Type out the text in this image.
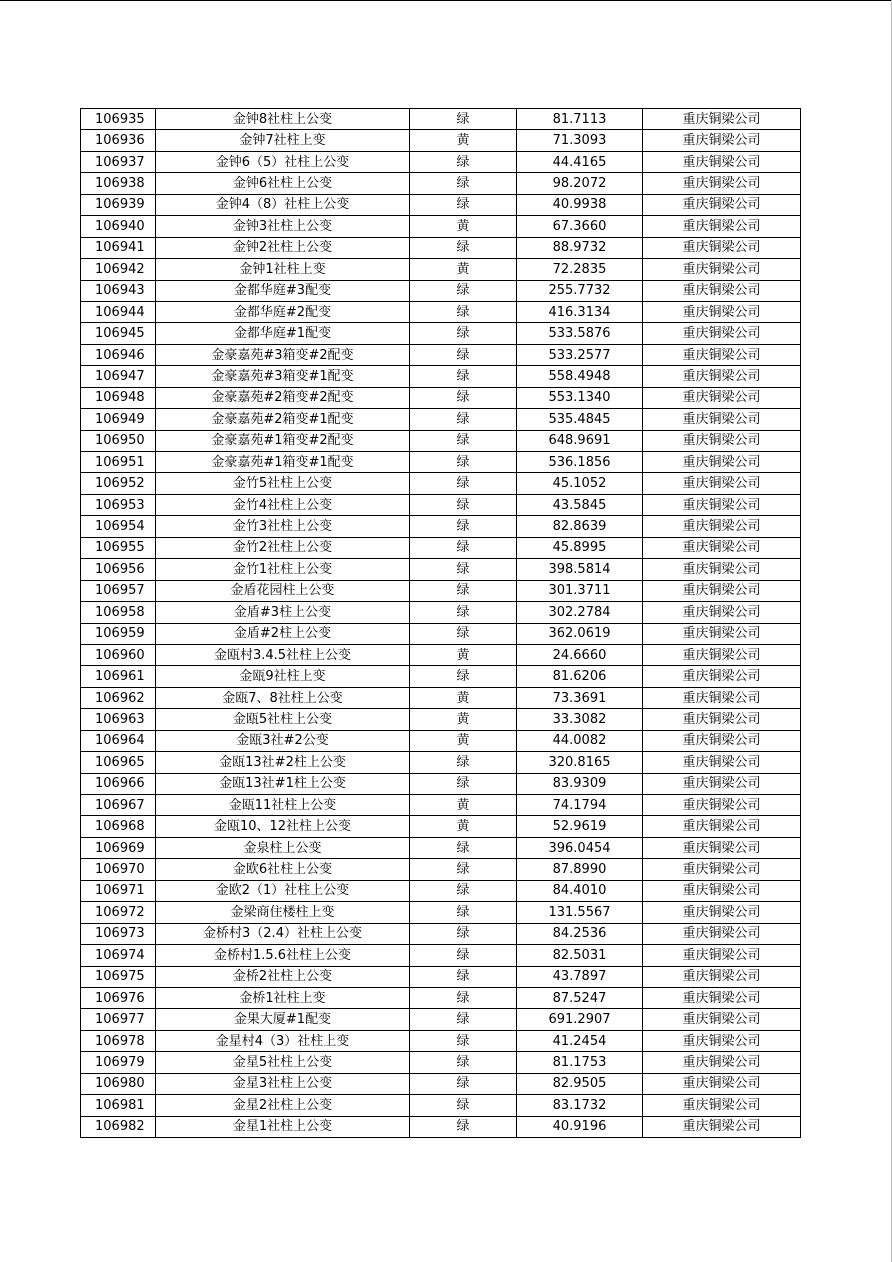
106935	金钟8社柱上公变	绿	81.7113	重庆铜梁公司
106936	金钟7社柱上变	黄	71.3093	重庆铜梁公司
106937	金钟6（5）社柱上公变	绿	44.4165	重庆铜梁公司
106938	金钟6社柱上公变	绿	98.2072	重庆铜梁公司
106939	金钟4（8）社柱上公变	绿	40.9938	重庆铜梁公司
106940	金钟3社柱上公变	黄	67.3660	重庆铜梁公司
106941	金钟2社柱上公变	绿	88.9732	重庆铜梁公司
106942	金钟1社柱上变	黄	72.2835	重庆铜梁公司
106943	金都华庭#3配变	绿	255.7732	重庆铜梁公司
106944	金都华庭#2配变	绿	416.3134	重庆铜梁公司
106945	金都华庭#1配变	绿	533.5876	重庆铜梁公司
106946	金豪嘉苑#3箱变#2配变	绿	533.2577	重庆铜梁公司
106947	金豪嘉苑#3箱变#1配变	绿	558.4948	重庆铜梁公司
106948	金豪嘉苑#2箱变#2配变	绿	553.1340	重庆铜梁公司
106949	金豪嘉苑#2箱变#1配变	绿	535.4845	重庆铜梁公司
106950	金豪嘉苑#1箱变#2配变	绿	648.9691	重庆铜梁公司
106951	金豪嘉苑#1箱变#1配变	绿	536.1856	重庆铜梁公司
106952	金竹5社柱上公变	绿	45.1052	重庆铜梁公司
106953	金竹4社柱上公变	绿	43.5845	重庆铜梁公司
106954	金竹3社柱上公变	绿	82.8639	重庆铜梁公司
106955	金竹2社柱上公变	绿	45.8995	重庆铜梁公司
106956	金竹1社柱上公变	绿	398.5814	重庆铜梁公司
106957	金盾花园柱上公变	绿	301.3711	重庆铜梁公司
106958	金盾#3柱上公变	绿	302.2784	重庆铜梁公司
106959	金盾#2柱上公变	绿	362.0619	重庆铜梁公司
106960	金瓯村3.4.5社柱上公变	黄	24.6660	重庆铜梁公司
106961	金瓯9社柱上变	绿	81.6206	重庆铜梁公司
106962	金瓯7、8社柱上公变	黄	73.3691	重庆铜梁公司
106963	金瓯5社柱上公变	黄	33.3082	重庆铜梁公司
106964	金瓯3社#2公变	黄	44.0082	重庆铜梁公司
106965	金瓯13社#2柱上公变	绿	320.8165	重庆铜梁公司
106966	金瓯13社#1柱上公变	绿	83.9309	重庆铜梁公司
106967	金瓯11社柱上公变	黄	74.1794	重庆铜梁公司
106968	金瓯10、12社柱上公变	黄	52.9619	重庆铜梁公司
106969	金泉柱上公变	绿	396.0454	重庆铜梁公司
106970	金欧6社柱上公变	绿	87.8990	重庆铜梁公司
106971	金欧2（1）社柱上公变	绿	84.4010	重庆铜梁公司
106972	金梁商住楼柱上变	绿	131.5567	重庆铜梁公司
106973	金桥村3（2.4）社柱上公变	绿	84.2536	重庆铜梁公司
106974	金桥村1.5.6社柱上公变	绿	82.5031	重庆铜梁公司
106975	金桥2社柱上公变	绿	43.7897	重庆铜梁公司
106976	金桥1社柱上变	绿	87.5247	重庆铜梁公司
106977	金果大厦#1配变	绿	691.2907	重庆铜梁公司
106978	金星村4（3）社柱上变	绿	41.2454	重庆铜梁公司
106979	金星5社柱上公变	绿	81.1753	重庆铜梁公司
106980	金星3社柱上公变	绿	82.9505	重庆铜梁公司
106981	金星2社柱上公变	绿	83.1732	重庆铜梁公司
106982	金星1社柱上公变	绿	40.9196	重庆铜梁公司
